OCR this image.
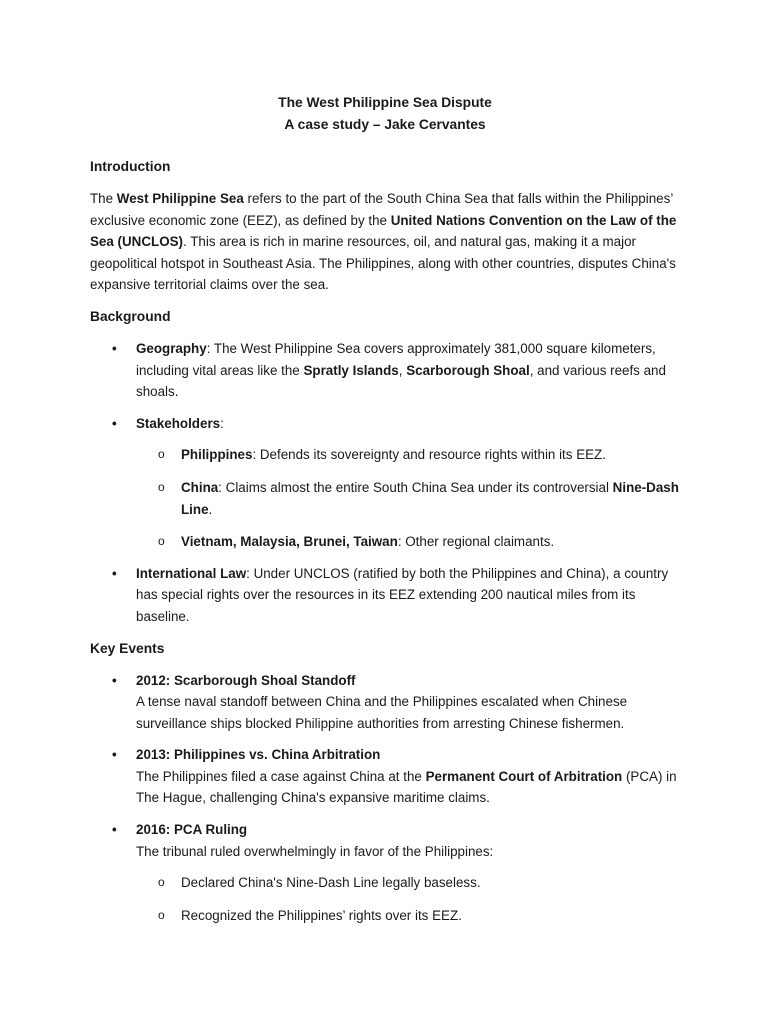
The West Philippine Sea Dispute

A case study – Jake Cervantes

Introduction

The West Philippine Sea refers to the part of the South China Sea that falls within the Philippines’ exclusive economic zone (EEZ), as defined by the United Nations Convention on the Law of the Sea (UNCLOS). This area is rich in marine resources, oil, and natural gas, making it a major geopolitical hotspot in Southeast Asia. The Philippines, along with other countries, disputes China's expansive territorial claims over the sea.

Background
• Geography: The West Philippine Sea covers approximately 381,000 square kilometers, including vital areas like the Spratly Islands, Scarborough Shoal, and various reefs and shoals.
• Stakeholders:
o Philippines: Defends its sovereignty and resource rights within its EEZ.
o China: Claims almost the entire South China Sea under its controversial Nine-Dash Line.
o Vietnam, Malaysia, Brunei, Taiwan: Other regional claimants.
• International Law: Under UNCLOS (ratified by both the Philippines and China), a country has special rights over the resources in its EEZ extending 200 nautical miles from its baseline.
Key Events
• 2012: Scarborough Shoal Standoff
A tense naval standoff between China and the Philippines escalated when Chinese surveillance ships blocked Philippine authorities from arresting Chinese fishermen.
• 2013: Philippines vs. China Arbitration
The Philippines filed a case against China at the Permanent Court of Arbitration (PCA) in The Hague, challenging China's expansive maritime claims.
• 2016: PCA Ruling
The tribunal ruled overwhelmingly in favor of the Philippines:
o Declared China's Nine-Dash Line legally baseless.
o Recognized the Philippines’ rights over its EEZ.
